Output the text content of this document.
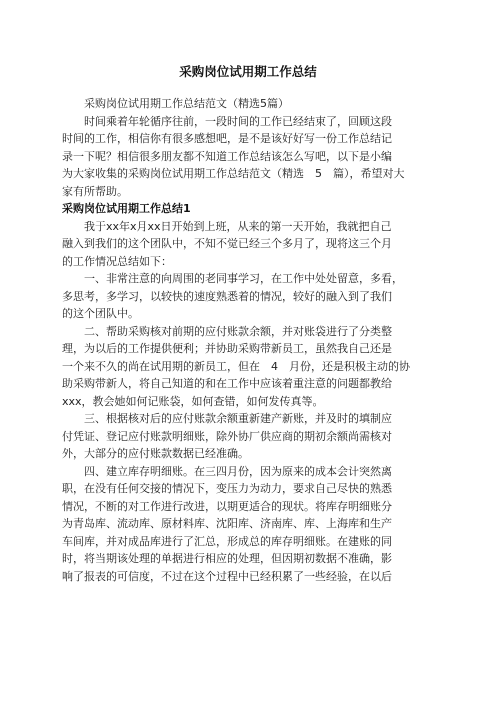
采购岗位试用期工作总结
　　采购岗位试用期工作总结范文（精选5篇）
　　时间乘着年轮循序往前，一段时间的工作已经结束了，回顾这段
时间的工作，相信你有很多感想吧，是不是该好好写一份工作总结记
录一下呢？相信很多朋友都不知道工作总结该怎么写吧，以下是小编
为大家收集的采购岗位试用期工作总结范文（精选　5　篇），希望对大
家有所帮助。
采购岗位试用期工作总结1
　　我于xx年x月xx日开始到上班，从来的第一天开始，我就把自己
融入到我们的这个团队中，不知不觉已经三个多月了，现将这三个月
的工作情况总结如下：
　　一、非常注意的向周围的老同事学习，在工作中处处留意，多看，
多思考，多学习，以较快的速度熟悉着的情况，较好的融入到了我们
的这个团队中。
　　二、帮助采购核对前期的应付账款余额，并对账袋进行了分类整
理，为以后的工作提供便利；并协助采购带新员工，虽然我自己还是
一个来不久的尚在试用期的新员工，但在　4　月份，还是积极主动的协
助采购带新人，将自己知道的和在工作中应该着重注意的问题都教给
xxx，教会她如何记账袋，如何查错，如何发传真等。
　　三、根据核对后的应付账款余额重新建产新账，并及时的填制应
付凭证、登记应付账款明细账，除外协厂供应商的期初余额尚需核对
外，大部分的应付账款数据已经准确。
　　四、建立库存明细账。在三四月份，因为原来的成本会计突然离
职，在没有任何交接的情况下，变压力为动力，要求自己尽快的熟悉
情况，不断的对工作进行改进，以期更适合的现状。将库存明细账分
为青岛库、流动库、原材料库、沈阳库、济南库、库、上海库和生产
车间库，并对成品库进行了汇总，形成总的库存明细账。在建账的同
时，将当期该处理的单据进行相应的处理，但因期初数据不准确，影
响了报表的可信度，不过在这个过程中已经积累了一些经验，在以后
